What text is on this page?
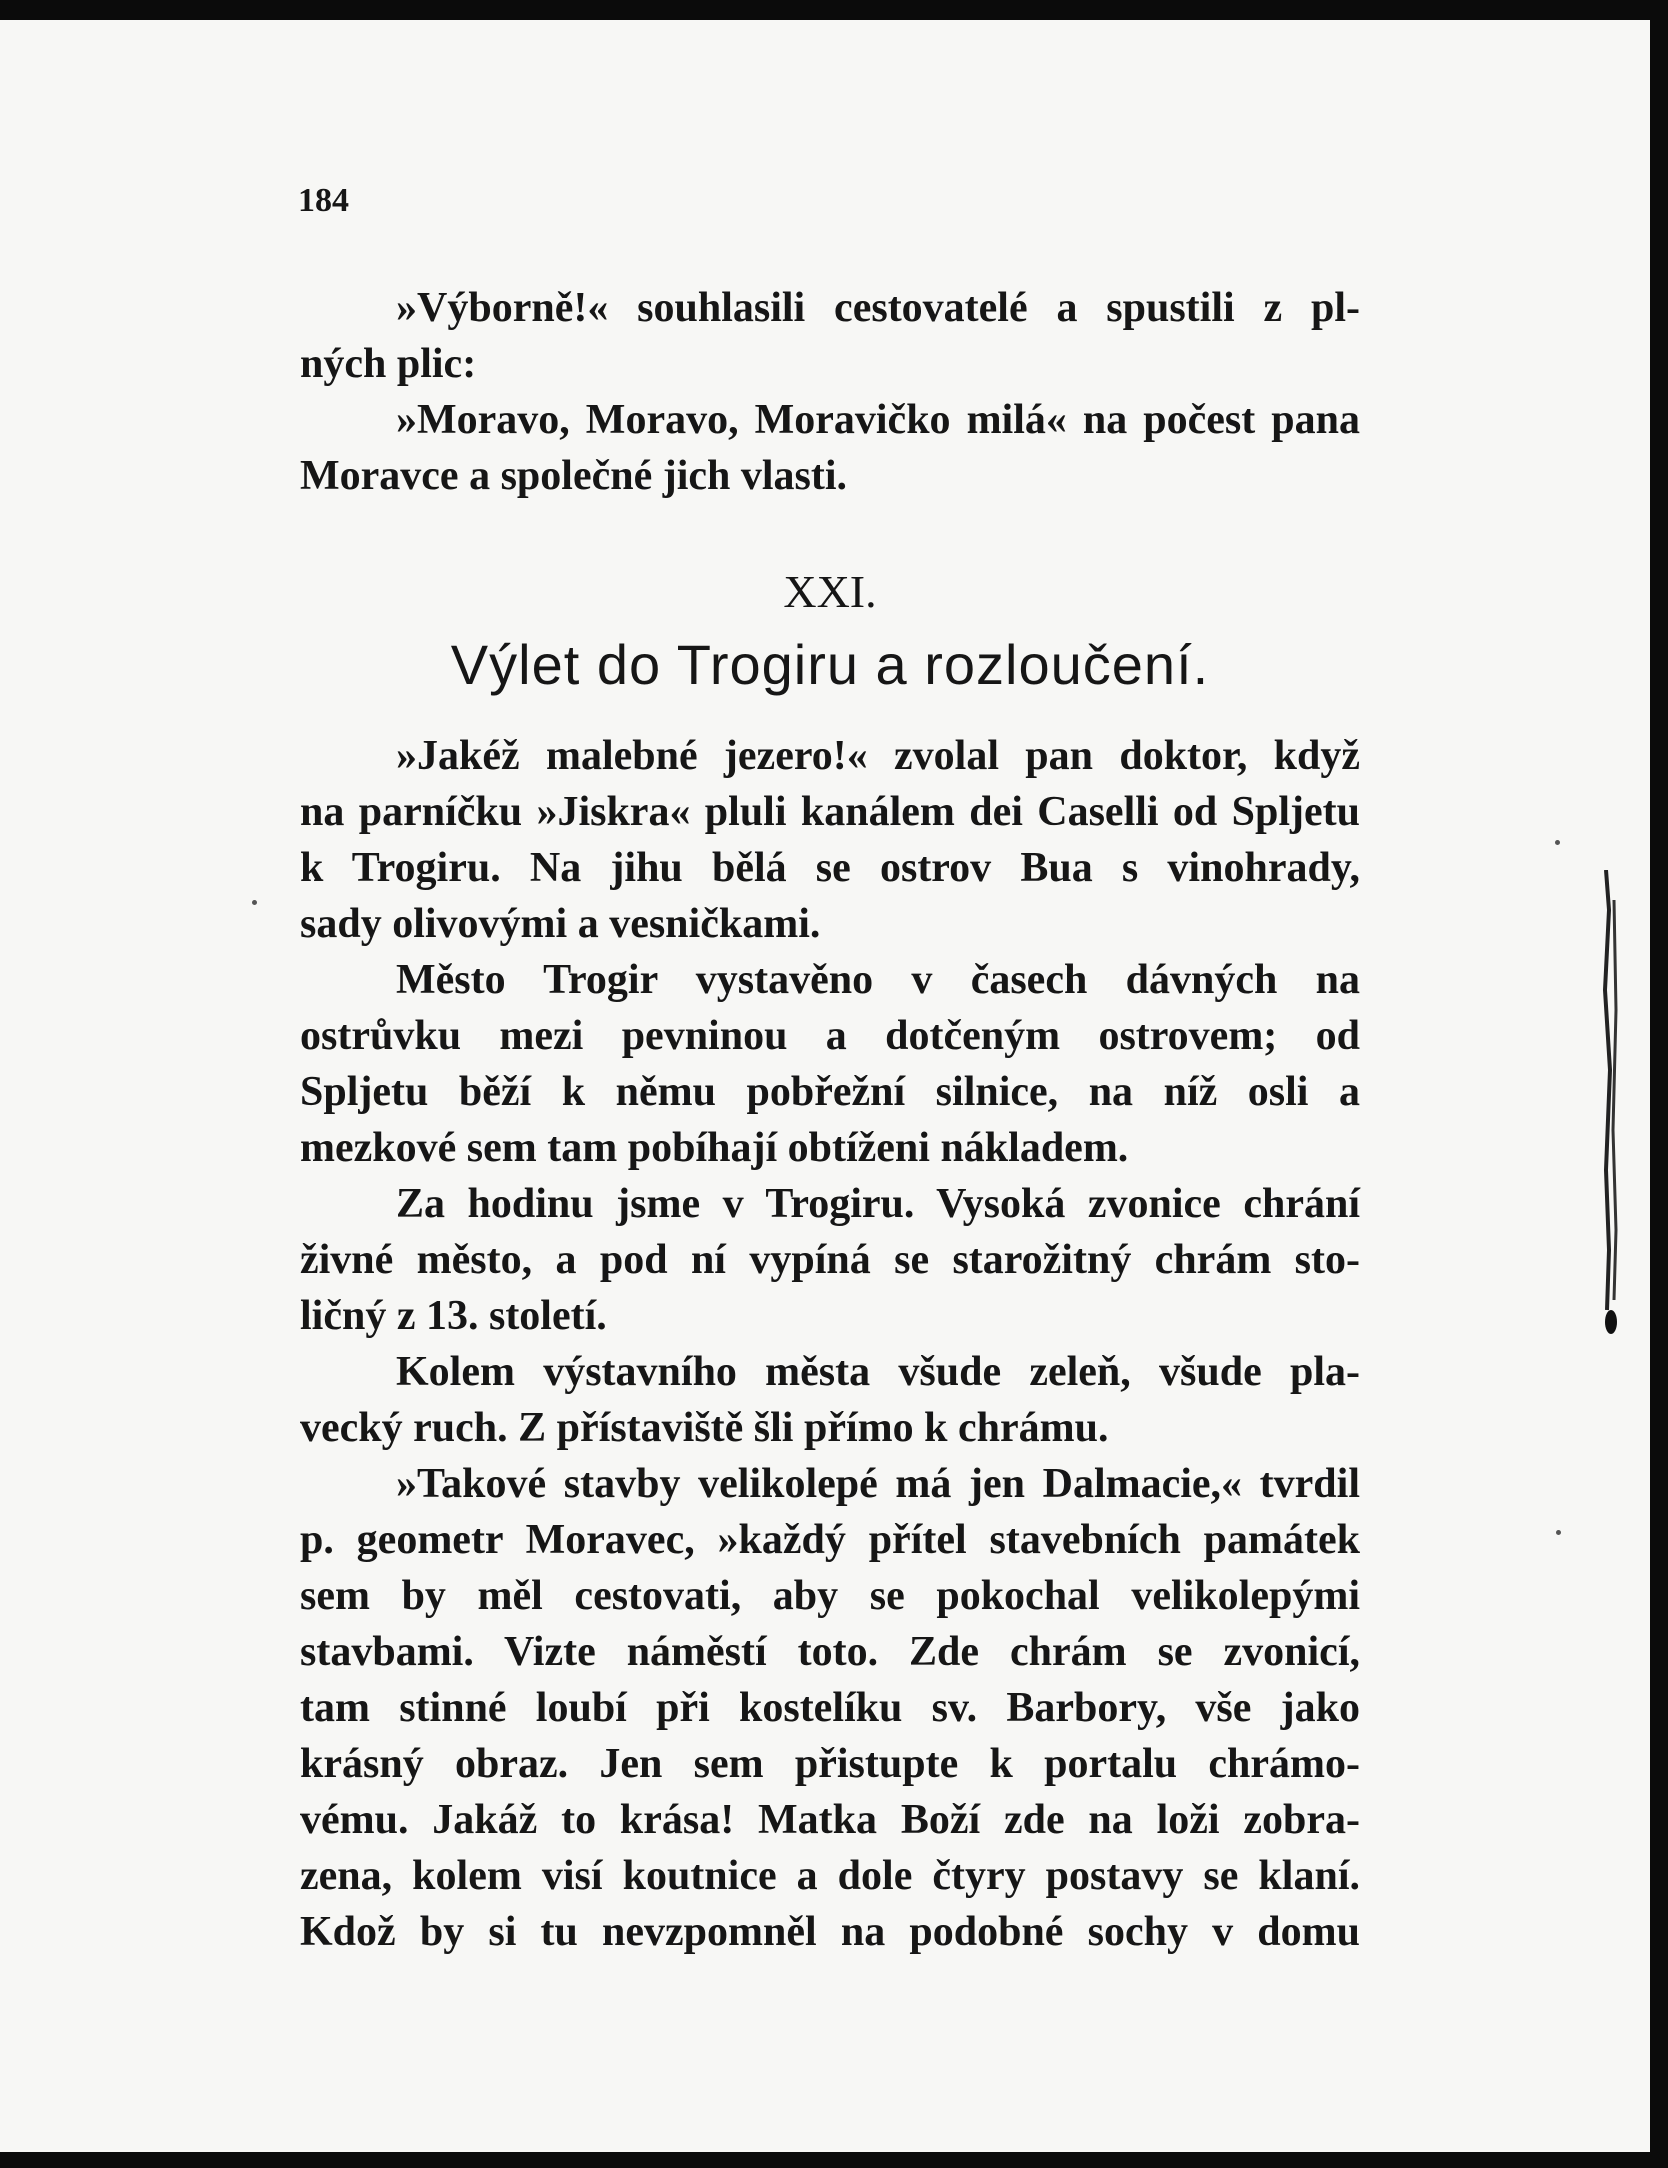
184
»Výborně!« souhlasili cestovatelé a spustili z pl-
ných plic:
»Moravo, Moravo, Moravičko milá« na počest pana
Moravce a společné jich vlasti.
XXI.
Výlet do Trogiru a rozloučení.
»Jakéž malebné jezero!« zvolal pan doktor, když
na parníčku »Jiskra« pluli kanálem dei Caselli od Spljetu
k Trogiru. Na jihu bělá se ostrov Bua s vinohrady,
sady olivovými a vesničkami.
Město Trogir vystavěno v časech dávných na
ostrůvku mezi pevninou a dotčeným ostrovem; od
Spljetu běží k němu pobřežní silnice, na níž osli a
mezkové sem tam pobíhají obtíženi nákladem.
Za hodinu jsme v Trogiru. Vysoká zvonice chrání
živné město, a pod ní vypíná se starožitný chrám sto-
ličný z 13. století.
Kolem výstavního města všude zeleň, všude pla-
vecký ruch. Z přístaviště šli přímo k chrámu.
»Takové stavby velikolepé má jen Dalmacie,« tvrdil
p. geometr Moravec, »každý přítel stavebních památek
sem by měl cestovati, aby se pokochal velikolepými
stavbami. Vizte náměstí toto. Zde chrám se zvonicí,
tam stinné loubí při kostelíku sv. Barbory, vše jako
krásný obraz. Jen sem přistupte k portalu chrámo-
vému. Jakáž to krása! Matka Boží zde na loži zobra-
zena, kolem visí koutnice a dole čtyry postavy se klaní.
Kdož by si tu nevzpomněl na podobné sochy v domu
